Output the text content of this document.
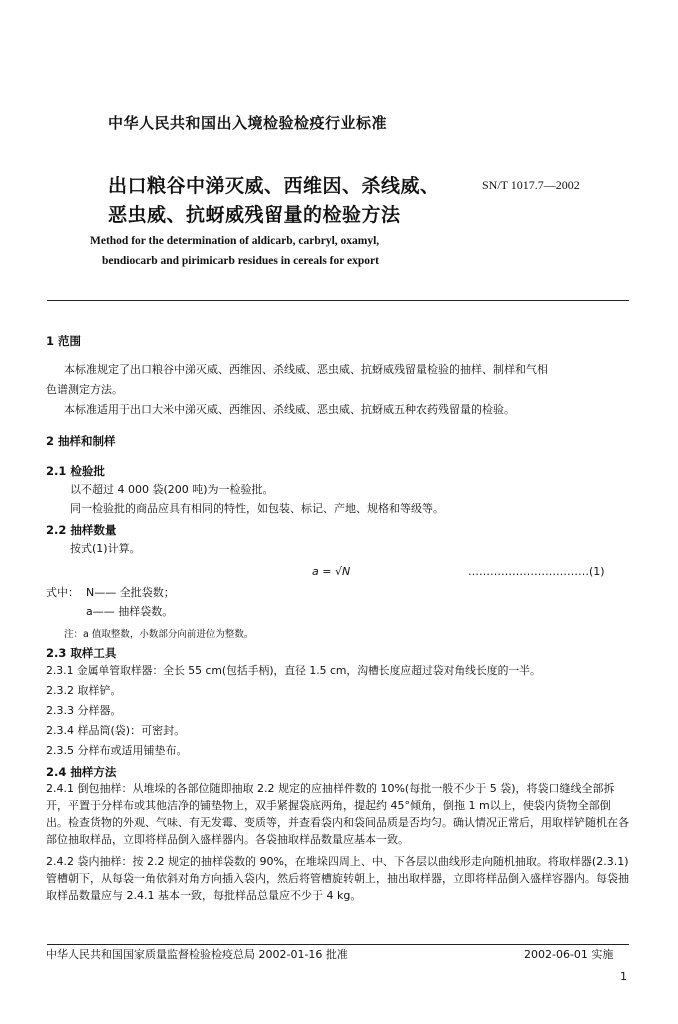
中华人民共和国出入境检验检疫行业标准
出口粮谷中涕灭威、西维因、杀线威、
恶虫威、抗蚜威残留量的检验方法
SN/T 1017.7—2002
Method for the determination of aldicarb, carbryl, oxamyl,
bendiocarb and pirimicarb residues in cereals for export
1 范围
本标准规定了出口粮谷中涕灭威、西维因、杀线威、恶虫威、抗蚜威残留量检验的抽样、制样和气相
色谱测定方法。
本标准适用于出口大米中涕灭威、西维因、杀线威、恶虫威、抗蚜威五种农药残留量的检验。
2 抽样和制样
2.1 检验批
以不超过 4 000 袋(200 吨)为一检验批。
同一检验批的商品应具有相同的特性，如包装、标记、产地、规格和等级等。
2.2 抽样数量
按式(1)计算。
a = √N	……………………………(1)
式中： N—— 全批袋数；
a—— 抽样袋数。
注：a 值取整数，小数部分向前进位为整数。
2.3 取样工具
2.3.1 金属单管取样器：全长 55 cm(包括手柄)，直径 1.5 cm，沟槽长度应超过袋对角线长度的一半。
2.3.2 取样铲。
2.3.3 分样器。
2.3.4 样品筒(袋)：可密封。
2.3.5 分样布或适用铺垫布。
2.4 抽样方法
2.4.1 倒包抽样：从堆垛的各部位随即抽取 2.2 规定的应抽样件数的 10%(每批一般不少于 5 袋)，将袋口缝线全部拆开，平置于分样布或其他洁净的铺垫物上，双手紧握袋底两角，提起约 45°倾角，倒拖 1 m以上，使袋内货物全部倒出。检查货物的外观、气味、有无发霉、变质等，并查看袋内和袋间品质是否均匀。确认情况正常后，用取样铲随机在各部位抽取样品，立即将样品倒入盛样器内。各袋抽取样品数量应基本一致。
2.4.2 袋内抽样：按 2.2 规定的抽样袋数的 90%，在堆垛四周上、中、下各层以曲线形走向随机抽取。将取样器(2.3.1)管槽朝下，从每袋一角依斜对角方向插入袋内，然后将管槽旋转朝上，抽出取样器，立即将样品倒入盛样容器内。每袋抽取样品数量应与 2.4.1 基本一致，每批样品总量应不少于 4 kg。
中华人民共和国国家质量监督检验检疫总局 2002-01-16 批准	2002-06-01 实施
1
